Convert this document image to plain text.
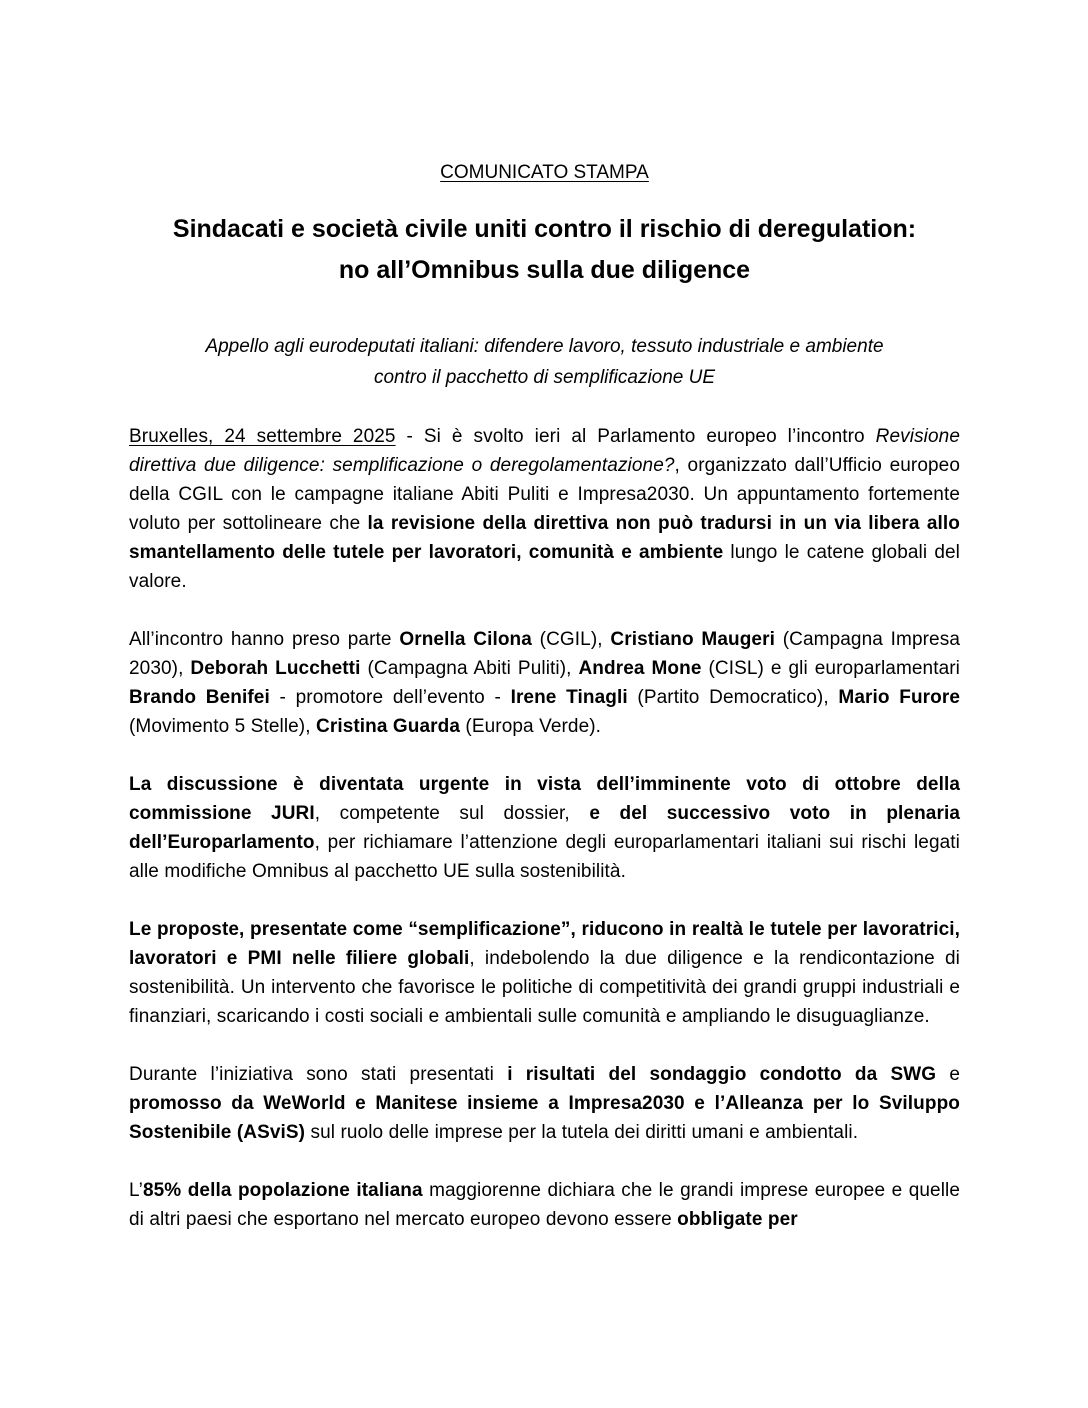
COMUNICATO STAMPA
Sindacati e società civile uniti contro il rischio di deregulation:
no all’Omnibus sulla due diligence
Appello agli eurodeputati italiani: difendere lavoro, tessuto industriale e ambiente
contro il pacchetto di semplificazione UE

Bruxelles, 24 settembre 2025 - Si è svolto ieri al Parlamento europeo l’incontro Revisione direttiva due diligence: semplificazione o deregolamentazione?, organizzato dall’Ufficio europeo della CGIL con le campagne italiane Abiti Puliti e Impresa2030. Un appuntamento fortemente voluto per sottolineare che la revisione della direttiva non può tradursi in un via libera allo smantellamento delle tutele per lavoratori, comunità e ambiente lungo le catene globali del valore.

All’incontro hanno preso parte Ornella Cilona (CGIL), Cristiano Maugeri (Campagna Impresa 2030), Deborah Lucchetti (Campagna Abiti Puliti), Andrea Mone (CISL) e gli europarlamentari Brando Benifei - promotore dell’evento - Irene Tinagli (Partito Democratico), Mario Furore (Movimento 5 Stelle), Cristina Guarda (Europa Verde).

La discussione è diventata urgente in vista dell’imminente voto di ottobre della commissione JURI, competente sul dossier, e del successivo voto in plenaria dell’Europarlamento, per richiamare l’attenzione degli europarlamentari italiani sui rischi legati alle modifiche Omnibus al pacchetto UE sulla sostenibilità.

Le proposte, presentate come “semplificazione”, riducono in realtà le tutele per lavoratrici, lavoratori e PMI nelle filiere globali, indebolendo la due diligence e la rendicontazione di sostenibilità. Un intervento che favorisce le politiche di competitività dei grandi gruppi industriali e finanziari, scaricando i costi sociali e ambientali sulle comunità e ampliando le disuguaglianze.

Durante l’iniziativa sono stati presentati i risultati del sondaggio condotto da SWG e promosso da WeWorld e Manitese insieme a Impresa2030 e l’Alleanza per lo Sviluppo Sostenibile (ASviS) sul ruolo delle imprese per la tutela dei diritti umani e ambientali.

L’85% della popolazione italiana maggiorenne dichiara che le grandi imprese europee e quelle di altri paesi che esportano nel mercato europeo devono essere obbligate per
